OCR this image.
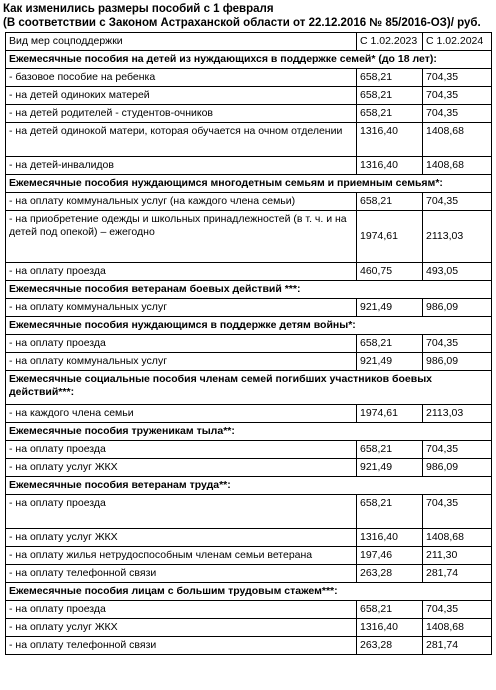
Как изменились размеры пособий с 1 февраля
(В соответствии с Законом Астраханской области от 22.12.2016 № 85/2016-ОЗ)/ руб.
Вид мер соцподдержки	С 1.02.2023	С 1.02.2024
Ежемесячные пособия на детей из нуждающихся в поддержке семей* (до 18 лет):		
- базовое пособие на ребенка	658,21	704,35
- на детей одиноких матерей	658,21	704,35
- на детей родителей - студентов-очников	658,21	704,35
- на детей одинокой матери, которая обучается на очном отделении	1316,40	1408,68
- на детей-инвалидов	1316,40	1408,68
Ежемесячные пособия нуждающимся многодетным семьям и приемным семьям*:		
- на оплату коммунальных услуг (на каждого члена семьи)	658,21	704,35
- на приобретение одежды и школьных принадлежностей (в т. ч. и на детей под опекой) – ежегодно	1974,61	2113,03
- на оплату проезда	460,75	493,05
Ежемесячные пособия ветеранам боевых действий ***:		
- на оплату коммунальных услуг	921,49	986,09
Ежемесячные пособия нуждающимся в поддержке детям войны*:		
- на оплату проезда	658,21	704,35
- на оплату коммунальных услуг	921,49	986,09
Ежемесячные социальные пособия членам семей погибших участников боевых действий***:		
- на каждого члена семьи	1974,61	2113,03
Ежемесячные пособия труженикам тыла**:		
- на оплату проезда	658,21	704,35
- на оплату услуг ЖКХ	921,49	986,09
Ежемесячные пособия ветеранам труда**:		
- на оплату проезда	658,21	704,35
- на оплату услуг ЖКХ	1316,40	1408,68
- на оплату жилья нетрудоспособным членам семьи ветерана	197,46	211,30
- на оплату телефонной связи	263,28	281,74
Ежемесячные пособия лицам с большим трудовым стажем***:		
- на оплату проезда	658,21	704,35
- на оплату услуг ЖКХ	1316,40	1408,68
- на оплату телефонной связи	263,28	281,74
